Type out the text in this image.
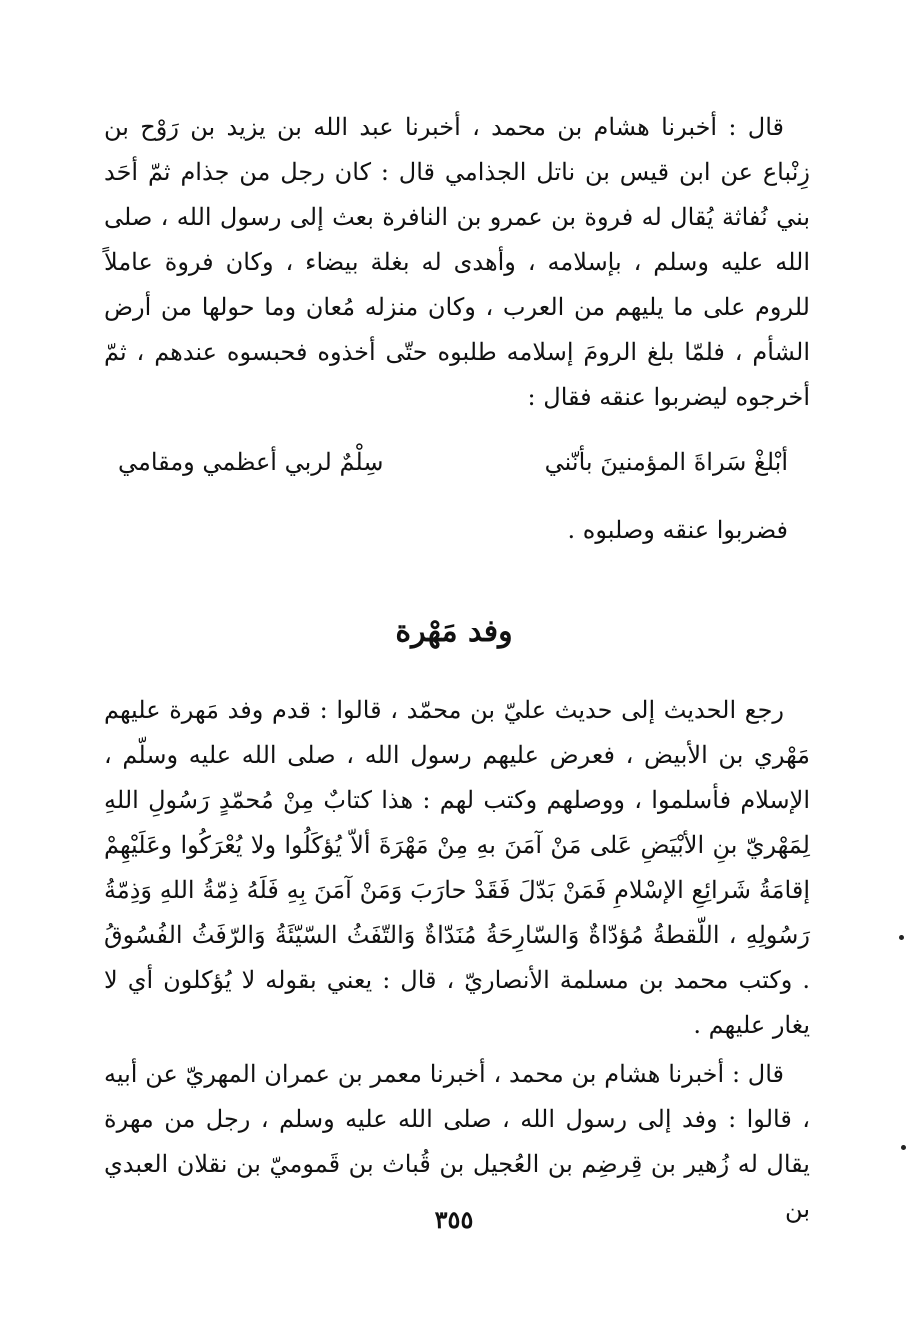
قال : أخبرنا هشام بن محمد ، أخبرنا عبد الله بن يزيد بن رَوْح بن زِنْباع عن ابن قيس بن ناتل الجذامي قال : كان رجل من جذام ثمّ أحَد بني نُفاثة يُقال له فروة بن عمرو بن النافرة بعث إلى رسول الله ، صلى الله عليه وسلم ، بإسلامه ، وأهدى له بغلة بيضاء ، وكان فروة عاملاً للروم على ما يليهم من العرب ، وكان منزله مُعان وما حولها من أرض الشأم ، فلمّا بلغ الرومَ إسلامه طلبوه حتّى أخذوه فحبسوه عندهم ، ثمّ أخرجوه ليضربوا عنقه فقال :

أبْلغْ سَراةَ المؤمنينَ بأنّني
سِلْمٌ لربي أعظمي ومقامي
فضربوا عنقه وصلبوه .
وفد مَهْرة

رجع الحديث إلى حديث عليّ بن محمّد ، قالوا : قدم وفد مَهرة عليهم مَهْري بن الأبيض ، فعرض عليهم رسول الله ، صلى الله عليه وسلّم ، الإسلام فأسلموا ، ووصلهم وكتب لهم : هذا كتابٌ مِنْ مُحمّدٍ رَسُولِ اللهِ لِمَهْريّ بنِ الأبْيَضِ عَلى مَنْ آمَنَ بهِ مِنْ مَهْرَةَ ألاّ يُؤكَلُوا ولا يُعْرَكُوا وعَلَيْهِمْ إقامَةُ شَرائِعِ الإسْلامِ فَمَنْ بَدّلَ فَقَدْ حارَبَ وَمَنْ آمَنَ بِهِ فَلَهُ ذِمّةُ اللهِ وَذِمّةُ رَسُولِهِ ، اللّقطةُ مُؤدّاةٌ وَالسّارِحَةُ مُنَدّاةٌ وَالتّفَثُ السّيّئَةُ وَالرّفَثُ الفُسُوقُ . وكتب محمد بن مسلمة الأنصاريّ ، قال : يعني بقوله لا يُؤكلون أي لا يغار عليهم .

قال : أخبرنا هشام بن محمد ، أخبرنا معمر بن عمران المهريّ عن أبيه ، قالوا : وفد إلى رسول الله ، صلى الله عليه وسلم ، رجل من مهرة يقال له زُهير بن قِرضِم بن العُجيل بن قُباث بن قَموميّ بن نقلان العبدي بن

٣٥٥
